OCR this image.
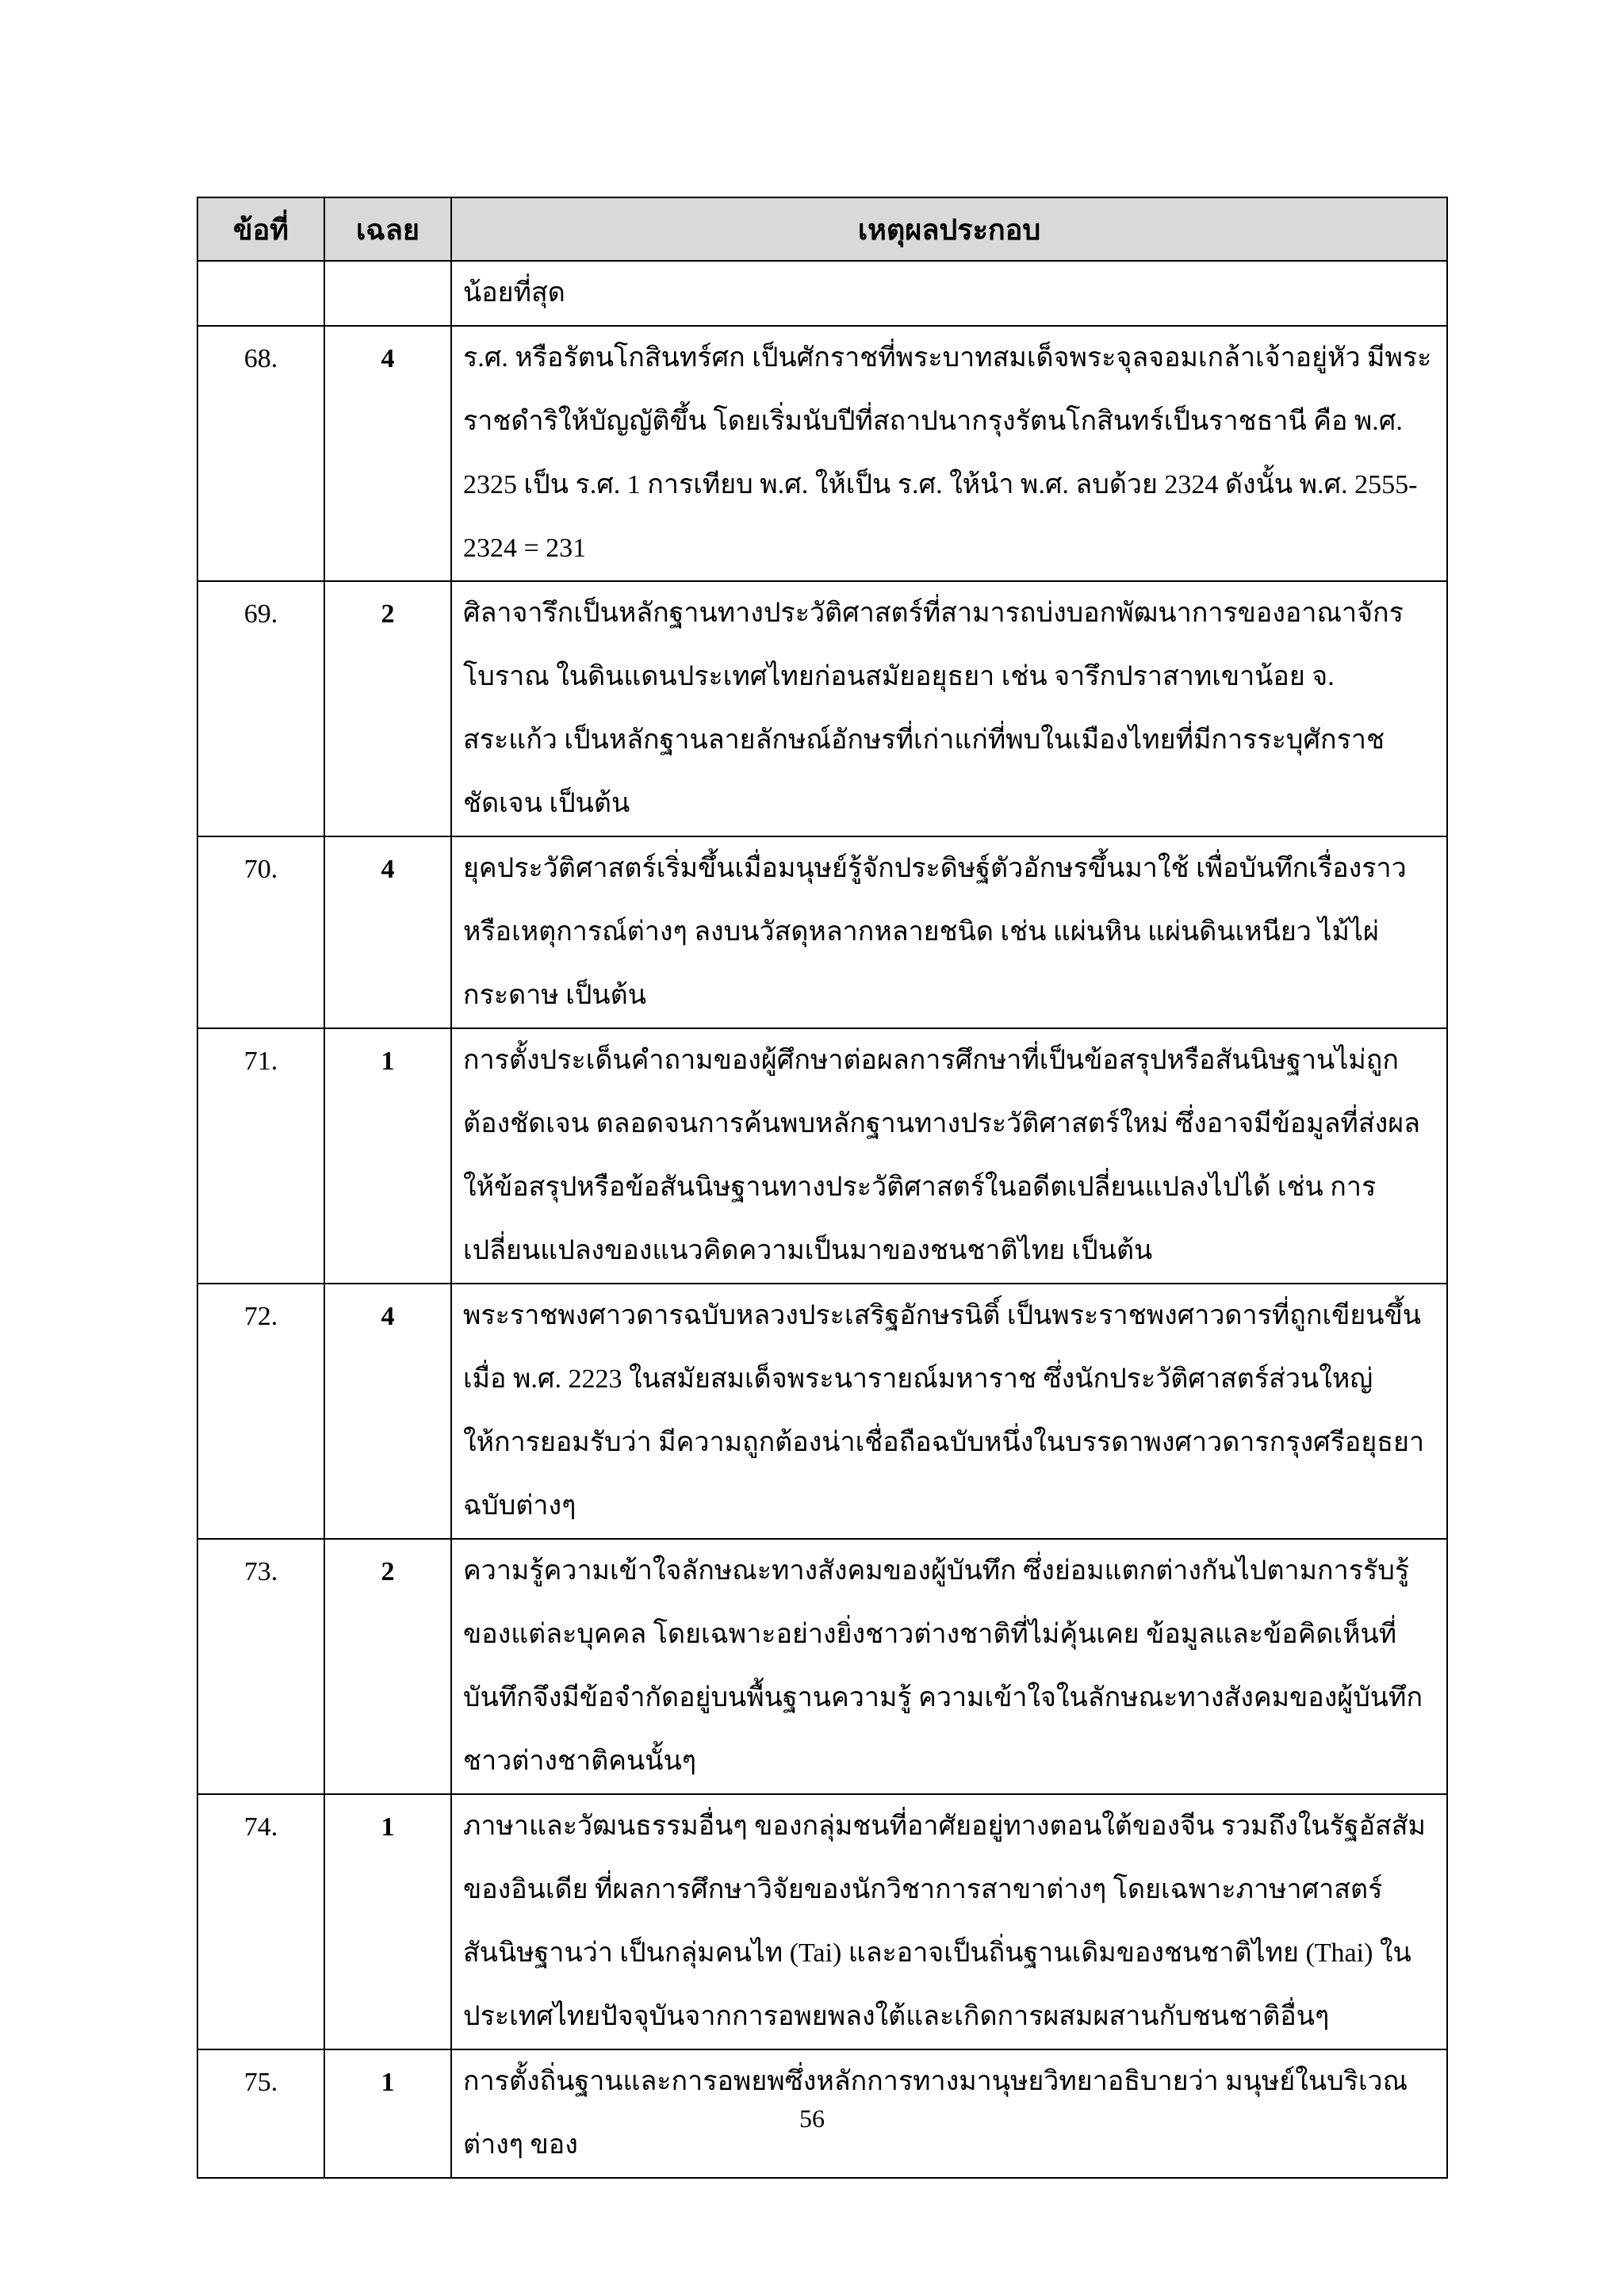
ข้อที่	เฉลย	เหตุผลประกอบ
		น้อยที่สุด
68.	4	ร.ศ. หรือรัตนโกสินทร์ศก เป็นศักราชที่พระบาทสมเด็จพระจุลจอมเกล้าเจ้าอยู่หัว มีพระราชดำริให้บัญญัติขึ้น โดยเริ่มนับปีที่สถาปนากรุงรัตนโกสินทร์เป็นราชธานี คือ พ.ศ. 2325 เป็น ร.ศ. 1 การเทียบ พ.ศ. ให้เป็น ร.ศ. ให้นำ พ.ศ. ลบด้วย 2324 ดังนั้น พ.ศ. 2555-2324 = 231
69.	2	ศิลาจารึกเป็นหลักฐานทางประวัติศาสตร์ที่สามารถบ่งบอกพัฒนาการของอาณาจักรโบราณ ในดินแดนประเทศไทยก่อนสมัยอยุธยา เช่น จารึกปราสาทเขาน้อย จ. สระแก้ว เป็นหลักฐานลายลักษณ์อักษรที่เก่าแก่ที่พบในเมืองไทยที่มีการระบุศักราชชัดเจน เป็นต้น
70.	4	ยุคประวัติศาสตร์เริ่มขึ้นเมื่อมนุษย์รู้จักประดิษฐ์ตัวอักษรขึ้นมาใช้ เพื่อบันทึกเรื่องราวหรือเหตุการณ์ต่างๆ ลงบนวัสดุหลากหลายชนิด เช่น แผ่นหิน แผ่นดินเหนียว ไม้ไผ่ กระดาษ เป็นต้น
71.	1	การตั้งประเด็นคำถามของผู้ศึกษาต่อผลการศึกษาที่เป็นข้อสรุปหรือสันนิษฐานไม่ถูกต้องชัดเจน ตลอดจนการค้นพบหลักฐานทางประวัติศาสตร์ใหม่ ซึ่งอาจมีข้อมูลที่ส่งผลให้ข้อสรุปหรือข้อสันนิษฐานทางประวัติศาสตร์ในอดีตเปลี่ยนแปลงไปได้ เช่น การเปลี่ยนแปลงของแนวคิดความเป็นมาของชนชาติไทย เป็นต้น
72.	4	พระราชพงศาวดารฉบับหลวงประเสริฐอักษรนิติ์ เป็นพระราชพงศาวดารที่ถูกเขียนขึ้นเมื่อ พ.ศ. 2223 ในสมัยสมเด็จพระนารายณ์มหาราช ซึ่งนักประวัติศาสตร์ส่วนใหญ่ให้การยอมรับว่า มีความถูกต้องน่าเชื่อถือฉบับหนึ่งในบรรดาพงศาวดารกรุงศรีอยุธยาฉบับต่างๆ
73.	2	ความรู้ความเข้าใจลักษณะทางสังคมของผู้บันทึก ซึ่งย่อมแตกต่างกันไปตามการรับรู้ของแต่ละบุคคล โดยเฉพาะอย่างยิ่งชาวต่างชาติที่ไม่คุ้นเคย ข้อมูลและข้อคิดเห็นที่บันทึกจึงมีข้อจำกัดอยู่บนพื้นฐานความรู้ ความเข้าใจในลักษณะทางสังคมของผู้บันทึกชาวต่างชาติคนนั้นๆ
74.	1	ภาษาและวัฒนธรรมอื่นๆ ของกลุ่มชนที่อาศัยอยู่ทางตอนใต้ของจีน รวมถึงในรัฐอัสสัมของอินเดีย ที่ผลการศึกษาวิจัยของนักวิชาการสาขาต่างๆ โดยเฉพาะภาษาศาสตร์ สันนิษฐานว่า เป็นกลุ่มคนไท (Tai) และอาจเป็นถิ่นฐานเดิมของชนชาติไทย (Thai) ในประเทศไทยปัจจุบันจากการอพยพลงใต้และเกิดการผสมผสานกับชนชาติอื่นๆ
75.	1	การตั้งถิ่นฐานและการอพยพซึ่งหลักการทางมานุษยวิทยาอธิบายว่า มนุษย์ในบริเวณต่างๆ ของ
56
